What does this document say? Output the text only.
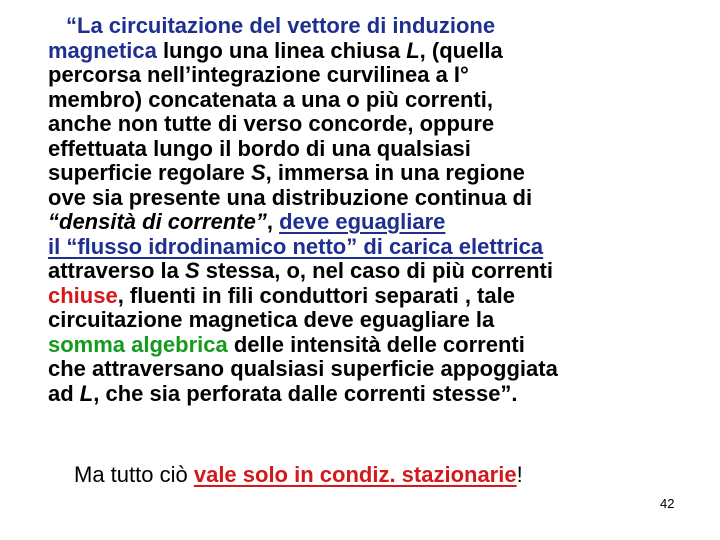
“La circuitazione del vettore di induzione
magnetica lungo una linea chiusa L, (quella
percorsa nell’integrazione curvilinea a I°
membro) concatenata a una o più correnti,
anche non tutte di verso concorde, oppure
effettuata lungo il bordo di una qualsiasi
superficie regolare S, immersa in una regione
ove sia presente una distribuzione continua di
“densità di corrente”, deve eguagliare
il “flusso idrodinamico netto” di carica elettrica
attraverso la S stessa, o, nel caso di più correnti
chiuse, fluenti in fili conduttori separati , tale
circuitazione magnetica deve eguagliare la
somma algebrica delle intensità delle correnti
che attraversano qualsiasi superficie appoggiata
ad L, che sia perforata dalle correnti stesse”.
Ma tutto ciò vale solo in condiz. stazionarie!
42
